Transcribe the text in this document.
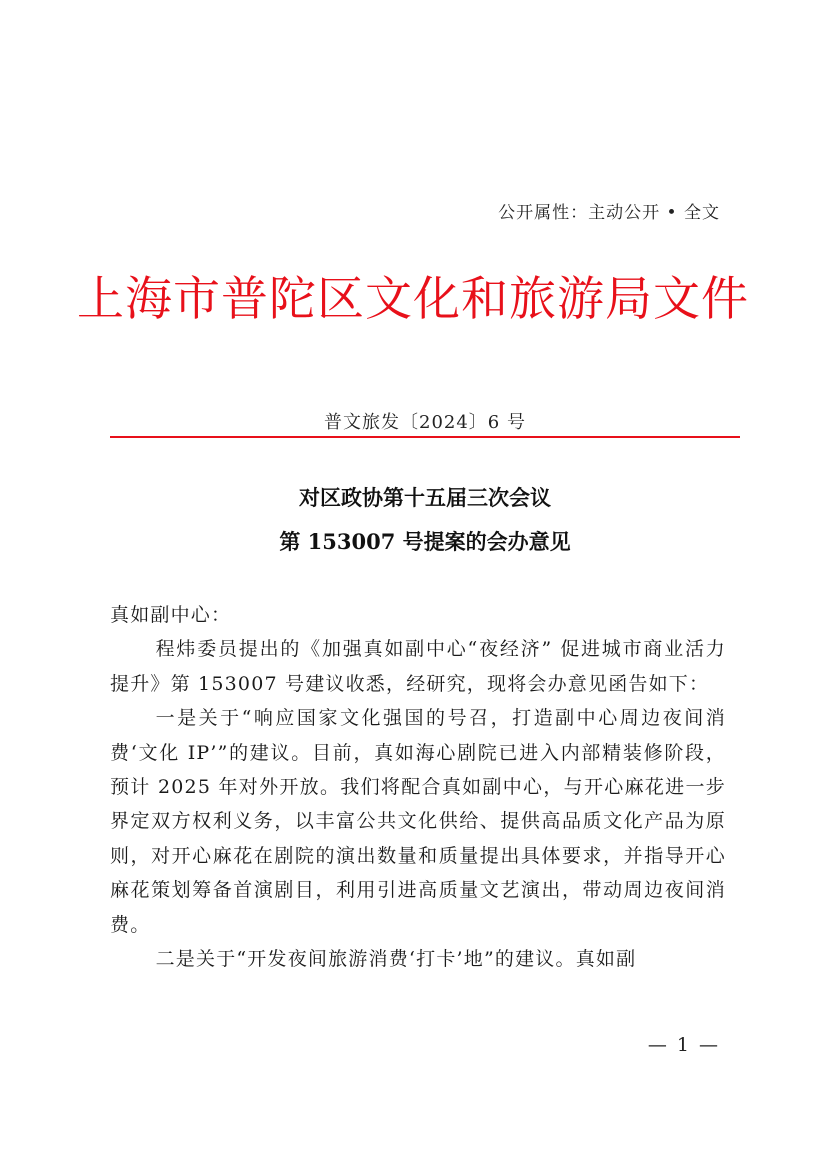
公开属性：主动公开 • 全文
上海市普陀区文化和旅游局文件
普文旅发〔2024〕6 号
对区政协第十五届三次会议
第 153007 号提案的会办意见

真如副中心：

程炜委员提出的《加强真如副中心“夜经济” 促进城市商业活力提升》第 153007 号建议收悉，经研究，现将会办意见函告如下：

一是关于“响应国家文化强国的号召，打造副中心周边夜间消费‘文化 IP’”的建议。目前，真如海心剧院已进入内部精装修阶段，预计 2025 年对外开放。我们将配合真如副中心，与开心麻花进一步界定双方权利义务，以丰富公共文化供给、提供高品质文化产品为原则，对开心麻花在剧院的演出数量和质量提出具体要求，并指导开心麻花策划筹备首演剧目，利用引进高质量文艺演出，带动周边夜间消费。

二是关于“开发夜间旅游消费‘打卡’地”的建议。真如副

— 1 —
